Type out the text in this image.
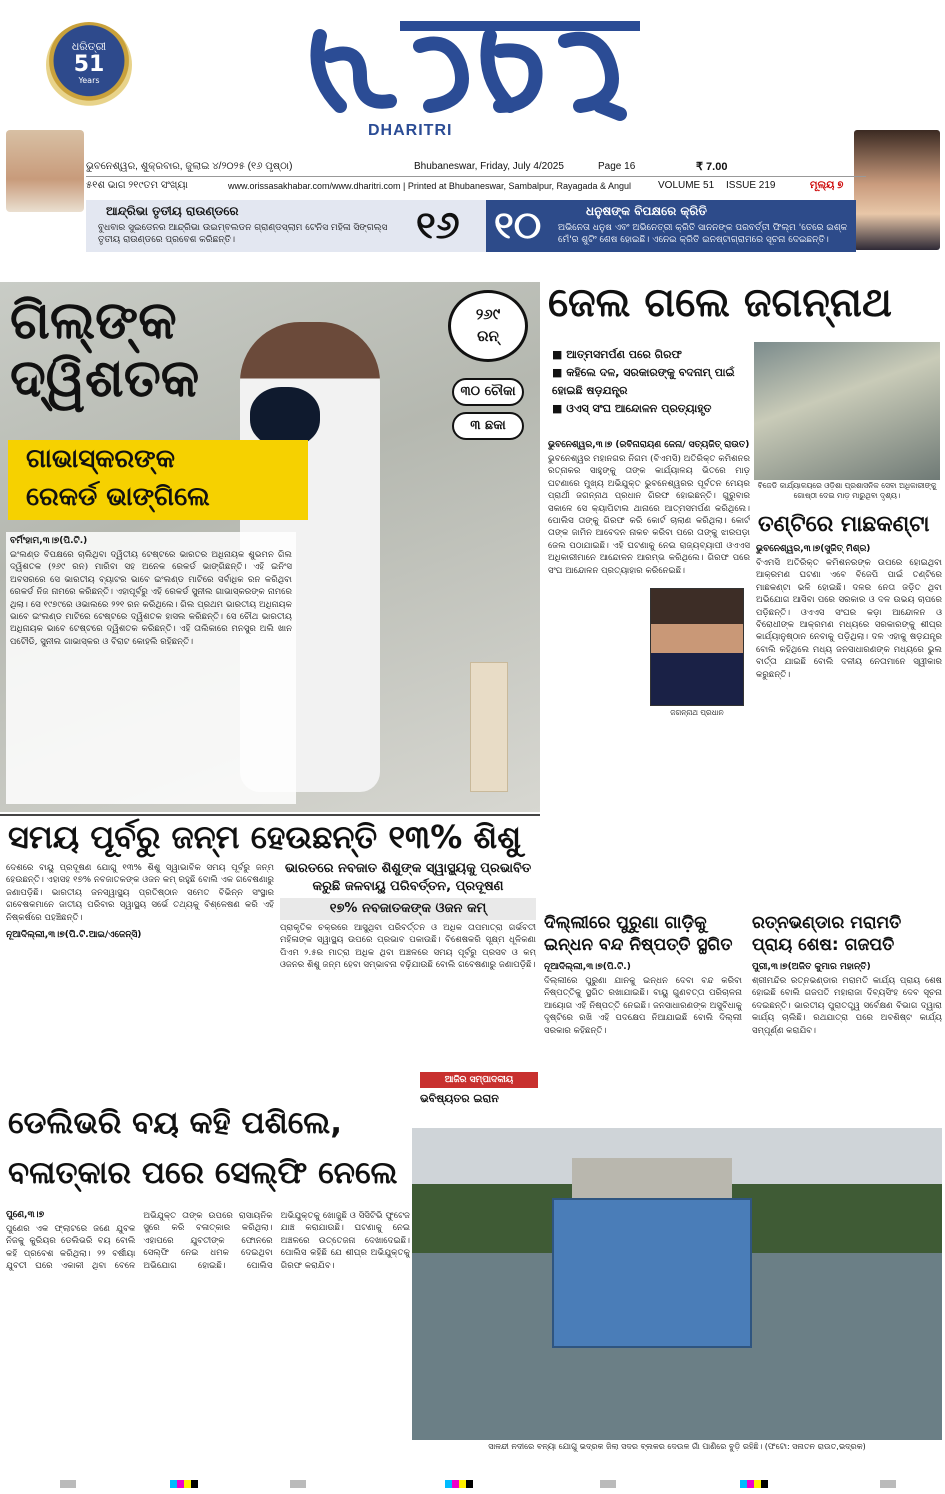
ଧରିତ୍ରୀ
51
Years
DHARITRI
ଭୁବନେଶ୍ୱର, ଶୁକ୍ରବାର, ଜୁଲାଇ ୪/୨୦୨୫ (୧୬ ପୃଷ୍ଠା)	Bhubaneswar, Friday, July 4/2025	Page 16	₹ 7.00
୫୧ଶ ଭାଗ ୨୧୯ତମ ସଂଖ୍ୟା	www.orissasakhabar.com/www.dharitri.com | Printed at Bhubaneswar, Sambalpur, Rayagada & Angul	VOLUME 51 ISSUE 219	ମୂଲ୍ୟ ୭
ଆନ୍ଦ୍ରିଭା ତୃତୀୟ ରାଉଣ୍ଡରେ
ବୁଧବାର ସୁଇଡେନର ଆନ୍ଦ୍ରିଭା ଉଇମ୍ବଲଡନ ଗ୍ରାଣ୍ଡସ୍ଲାମ ଟେନିସ ମହିଳା ସିଙ୍ଗଲ୍ସ ତୃତୀୟ ରାଉଣ୍ଡରେ ପ୍ରବେଶ କରିଛନ୍ତି।	୧୬ ୧୦	ଧନୁଷଙ୍କ ବିପକ୍ଷରେ କ୍ରିତି
ଅଭିନେତା ଧନୁଷ ଏବଂ ଅଭିନେତ୍ରୀ କ୍ରିତି ସାନନଙ୍କ ପରବର୍ତ୍ତୀ ଫିଲ୍ମ 'ତେରେ ଇଶ୍କ ମେଁ'ର ଶୁଟିଂ ଶେଷ ହୋଇଛି। ଏନେଇ କ୍ରିତି ଇନଷ୍ଟାଗ୍ରାମରେ ସୂଚନା ଦେଇଛନ୍ତି।
ଗିଲ୍‌ଙ୍କ
ଦ୍ୱିଶତକ
୨୬୯
ରନ୍
୩୦ ଚୌକା
୩ ଛକା
ଗାଭାସ୍କରଙ୍କ
ରେକର୍ଡ ଭାଙ୍ଗିଲେ
ବର୍ମିଂହାମ,୩।୭(ପି.ଟି.)
ଇଂଲଣ୍ଡ ବିପକ୍ଷରେ ଚାଲିଥିବା ଦ୍ୱିତୀୟ ଟେଷ୍ଟରେ ଭାରତର ଅଧିନାୟକ ଶୁଭମନ ଗିଲ ଦ୍ୱିଶତକ (୨୬୯ ରନ) ମାରିବା ସହ ଅନେକ ରେକର୍ଡ ଭାଙ୍ଗିଛନ୍ତି। ଏହି ଇନିଂସ ଅବସରରେ ସେ ଭାରତୀୟ ବ୍ୟାଟର ଭାବେ ଇଂଲଣ୍ଡ ମାଟିରେ ସର୍ବାଧିକ ରନ କରିଥିବା ରେକର୍ଡ ନିଜ ନାମରେ କରିଛନ୍ତି। ଏହାପୂର୍ବରୁ ଏହି ରେକର୍ଡ ସୁନୀଲ ଗାଭାସ୍କରଙ୍କ ନାମରେ ଥିଲା। ସେ ୧୯୭୯ରେ ଓଭାଲରେ ୨୨୧ ରନ କରିଥିଲେ। ଗିଲ ପ୍ରଥମ ଭାରତୀୟ ଅଧିନାୟକ ଭାବେ ଇଂଲଣ୍ଡ ମାଟିରେ ଟେଷ୍ଟରେ ଦ୍ୱିଶତକ ହାସଲ କରିଛନ୍ତି। ସେ ଚୌଥ ଭାରତୀୟ ଅଧିନାୟକ ଭାବେ ଟେଷ୍ଟରେ ଦ୍ୱିଶତକ କରିଛନ୍ତି। ଏହି ତାଲିକାରେ ମନସୁର ଅଲି ଖାନ ପଟୌଡି, ସୁନୀଲ ଗାଭାସ୍କର ଓ ବିରାଟ କୋହଲି ରହିଛନ୍ତି।
ଜେଲ ଗଲେ ଜଗନ୍ନାଥ
■ ଆତ୍ମସମର୍ପଣ ପରେ ଗିରଫ
■ କହିଲେ ଦଳ, ସରକାରଙ୍କୁ ବଦନାମ୍ ପାଇଁ ହୋଇଛି ଷଡ଼ଯନ୍ତ୍ର
■ ଓଏସ୍ ସଂଘ ଆନ୍ଦୋଳନ ପ୍ରତ୍ୟାହୃତ
ବିଜେଡି କାର୍ଯ୍ୟାଳୟରେ ଓଡ଼ିଶା ପ୍ରଶାସନିକ ସେବା ଅଧିକାରୀଙ୍କୁ ଗୋଷ୍ଠୀ ଦେଇ ମାଡ଼ ମାରୁଥିବା ଦୃଶ୍ୟ।
ଭୁବନେଶ୍ୱର,୩।୭ (ରବିନାରାୟଣ ଜେନା/ ସତ୍ୟଜିତ୍ ରାଉତ)
ଭୁବନେଶ୍ୱର ମହାନଗର ନିଗମ (ବିଏମସି) ଅତିରିକ୍ତ କମିଶନର ରତ୍ନାକର ସାହୁଙ୍କୁ ତାଙ୍କ କାର୍ଯ୍ୟାଳୟ ଭିତରେ ମାଡ଼ ଘଟଣାରେ ମୁଖ୍ୟ ଅଭିଯୁକ୍ତ ଭୁବନେଶ୍ୱରର ପୂର୍ବତନ ମେୟର ପ୍ରାର୍ଥୀ ଜଗନ୍ନାଥ ପ୍ରଧାନ ଗିରଫ ହୋଇଛନ୍ତି। ଗୁରୁବାର ସକାଳେ ସେ କ୍ୟାପିଟାଲ ଥାନାରେ ଆତ୍ମସମର୍ପଣ କରିଥିଲେ। ପୋଲିସ ତାଙ୍କୁ ଗିରଫ କରି କୋର୍ଟ ଚାଲାଣ କରିଥିଲା। କୋର୍ଟ ତାଙ୍କ ଜାମିନ ଆବେଦନ ନାକଚ କରିବା ପରେ ତାଙ୍କୁ ଝାରପଡ଼ା ଜେଲ ପଠାଯାଇଛି। ଏହି ଘଟଣାକୁ ନେଇ ରାଜ୍ୟବ୍ୟାପୀ ଓଏଏସ ଅଧିକାରୀମାନେ ଆନ୍ଦୋଳନ ଆରମ୍ଭ କରିଥିଲେ। ଗିରଫ ପରେ ସଂଘ ଆନ୍ଦୋଳନ ପ୍ରତ୍ୟାହାର କରିନେଇଛି।
ଜଗନ୍ନାଥ ପ୍ରଧାନ
ତଣ୍ଟିରେ ମାଛକଣ୍ଟା
ଭୁବନେଶ୍ୱର,୩।୭(ସୁଜିତ୍ ମିଶ୍ର)
ବିଏମସି ଅତିରିକ୍ତ କମିଶନରଙ୍କ ଉପରେ ହୋଇଥିବା ଆକ୍ରମଣ ଘଟଣା ଏବେ ବିଜେପି ପାଇଁ ତଣ୍ଟିରେ ମାଛକଣ୍ଟା ଭଳି ହୋଇଛି। ଦଳର ନେତା ଜଡ଼ିତ ଥିବା ଅଭିଯୋଗ ଆସିବା ପରେ ସରକାର ଓ ଦଳ ଉଭୟ ଚାପରେ ପଡ଼ିଛନ୍ତି। ଓଏଏସ ସଂଘର କଡ଼ା ଆନ୍ଦୋଳନ ଓ ବିରୋଧୀଙ୍କ ଆକ୍ରମଣ ମଧ୍ୟରେ ସରକାରଙ୍କୁ ଶୀଘ୍ର କାର୍ଯ୍ୟାନୁଷ୍ଠାନ ନେବାକୁ ପଡ଼ିଥିଲା। ଦଳ ଏହାକୁ ଷଡ଼ଯନ୍ତ୍ର ବୋଲି କହିଥିଲେ ମଧ୍ୟ ଜନସାଧାରଣଙ୍କ ମଧ୍ୟରେ ଭୁଲ ବାର୍ତ୍ତା ଯାଇଛି ବୋଲି ଦଳୀୟ ନେତାମାନେ ସ୍ୱୀକାର କରୁଛନ୍ତି।
ସମୟ ପୂର୍ବରୁ ଜନ୍ମ ହେଉଛନ୍ତି ୧୩% ଶିଶୁ
ଦେଶରେ ବାୟୁ ପ୍ରଦୂଷଣ ଯୋଗୁ ୧୩% ଶିଶୁ ସ୍ୱାଭାବିକ ସମୟ ପୂର୍ବରୁ ଜନ୍ମ ହେଉଛନ୍ତି। ଏହାସହ ୧୭% ନବଜାତକଙ୍କ ଓଜନ କମ୍ ରହୁଛି ବୋଲି ଏକ ଗବେଷଣାରୁ ଜଣାପଡ଼ିଛି। ଭାରତୀୟ ଜନସ୍ୱାସ୍ଥ୍ୟ ପ୍ରତିଷ୍ଠାନ ସମେତ ବିଭିନ୍ନ ସଂସ୍ଥାର ଗବେଷକମାନେ ଜାତୀୟ ପରିବାର ସ୍ୱାସ୍ଥ୍ୟ ସର୍ଭେ ତଥ୍ୟକୁ ବିଶ୍ଳେଷଣ କରି ଏହି ନିଷ୍କର୍ଷରେ ପହଞ୍ଚିଛନ୍ତି।
ନୂଆଦିଲ୍ଲୀ,୩।୭(ପି.ଟି.ଆଇ/ଏଜେନ୍ସି)
ଭାରତରେ ନବଜାତ ଶିଶୁଙ୍କ ସ୍ୱାସ୍ଥ୍ୟକୁ ପ୍ରଭାବିତ କରୁଛି ଜଳବାୟୁ ପରିବର୍ତ୍ତନ, ପ୍ରଦୂଷଣ
୧୭% ନବଜାତକଙ୍କ ଓଜନ କମ୍
ପ୍ରାକୃତିକ ଚକ୍ରରେ ଆସୁଥିବା ପରିବର୍ତ୍ତନ ଓ ଅଧିକ ତାପମାତ୍ରା ଗର୍ଭବତୀ ମହିଳାଙ୍କ ସ୍ୱାସ୍ଥ୍ୟ ଉପରେ ପ୍ରଭାବ ପକାଉଛି। ବିଶେଷକରି ସୂକ୍ଷ୍ମ ଧୂଳିକଣା ପିଏମ ୨.୫ର ମାତ୍ରା ଅଧିକ ଥିବା ଅଞ୍ଚଳରେ ସମୟ ପୂର୍ବରୁ ପ୍ରସବ ଓ କମ୍ ଓଜନର ଶିଶୁ ଜନ୍ମ ହେବା ସମ୍ଭାବନା ବଢ଼ିଯାଉଛି ବୋଲି ଗବେଷଣାରୁ ଜଣାପଡ଼ିଛି।
ଦିଲ୍ଲୀରେ ପୁରୁଣା ଗାଡ଼ିକୁ ଇନ୍ଧନ ବନ୍ଦ ନିଷ୍ପତ୍ତି ସ୍ଥଗିତ
ନୂଆଦିଲ୍ଲୀ,୩।୭(ପି.ଟି.)
ଦିଲ୍ଲୀରେ ପୁରୁଣା ଯାନକୁ ଇନ୍ଧନ ଦେବା ବନ୍ଦ କରିବା ନିଷ୍ପତ୍ତିକୁ ସ୍ଥଗିତ ରଖାଯାଇଛି। ବାୟୁ ଗୁଣବତ୍ତା ପରିଚାଳନା ଆୟୋଗ ଏହି ନିଷ୍ପତ୍ତି ନେଇଛି। ଜନସାଧାରଣଙ୍କ ଅସୁବିଧାକୁ ଦୃଷ୍ଟିରେ ରଖି ଏହି ପଦକ୍ଷେପ ନିଆଯାଇଛି ବୋଲି ଦିଲ୍ଲୀ ସରକାର କହିଛନ୍ତି।
ରତ୍ନଭଣ୍ଡାର ମରାମତି ପ୍ରାୟ ଶେଷ: ଗଜପତି
ପୁରୀ,୩।୭(ଅଜିତ କୁମାର ମହାନ୍ତି)
ଶ୍ରୀମନ୍ଦିର ରତ୍ନଭଣ୍ଡାର ମରାମତି କାର୍ଯ୍ୟ ପ୍ରାୟ ଶେଷ ହୋଇଛି ବୋଲି ଗଜପତି ମହାରାଜା ଦିବ୍ୟସିଂହ ଦେବ ସୂଚନା ଦେଇଛନ୍ତି। ଭାରତୀୟ ପୁରାତତ୍ତ୍ୱ ସର୍ବେକ୍ଷଣ ବିଭାଗ ଦ୍ୱାରା କାର୍ଯ୍ୟ ଚାଲିଛି। ରଥଯାତ୍ରା ପରେ ଅବଶିଷ୍ଟ କାର୍ଯ୍ୟ ସମ୍ପୂର୍ଣ୍ଣ କରାଯିବ।
ଆଜିର ସମ୍ପାଦକୀୟ
ଭବିଷ୍ୟତର ଇରାନ
ଡେଲିଭରି ବୟ କହି ପଶିଲେ,
ବଳାତ୍କାର ପରେ ସେଲ୍‌ଫି ନେଲେ
ପୁଣେ,୩।୭
ପୁଣେର ଏକ ଫ୍ଲାଟରେ ଜଣେ ଯୁବକ ନିଜକୁ କୁରିୟର ଡେଲିଭରି ବୟ ବୋଲି କହି ପ୍ରବେଶ କରିଥିଲା। ୨୨ ବର୍ଷୀୟା ଯୁବତୀ ଘରେ ଏକାକୀ ଥିବା ବେଳେ ଅଭିଯୁକ୍ତ ତାଙ୍କ ଉପରେ ରାସାୟନିକ ସ୍ପ୍ରେ କରି ବଳାତ୍କାର କରିଥିଲା। ଏହାପରେ ଯୁବତୀଙ୍କ ଫୋନରେ ସେଲ୍‌ଫି ନେଇ ଧମକ ଦେଇଥିବା ଅଭିଯୋଗ ହୋଇଛି। ପୋଲିସ ଅଭିଯୁକ୍ତକୁ ଖୋଜୁଛି ଓ ସିସିଟିଭି ଫୁଟେଜ ଯାଞ୍ଚ କରାଯାଉଛି। ଘଟଣାକୁ ନେଇ ଅଞ୍ଚଳରେ ଉତ୍ତେଜନା ଦେଖାଦେଇଛି। ପୋଲିସ କହିଛି ଯେ ଶୀଘ୍ର ଅଭିଯୁକ୍ତକୁ ଗିରଫ କରାଯିବ।
ସାଳନ୍ଦୀ ନଦୀରେ ବନ୍ୟା ଯୋଗୁ ଭଦ୍ରକ ଜିଲା ସଦର ବ୍ଲକର ଦେଉଳ ଗାଁ ପାଣିରେ ବୁଡ଼ି ରହିଛି। (ଫଟୋ: ସନାତନ ରାଉତ,ଭଦ୍ରକ)
